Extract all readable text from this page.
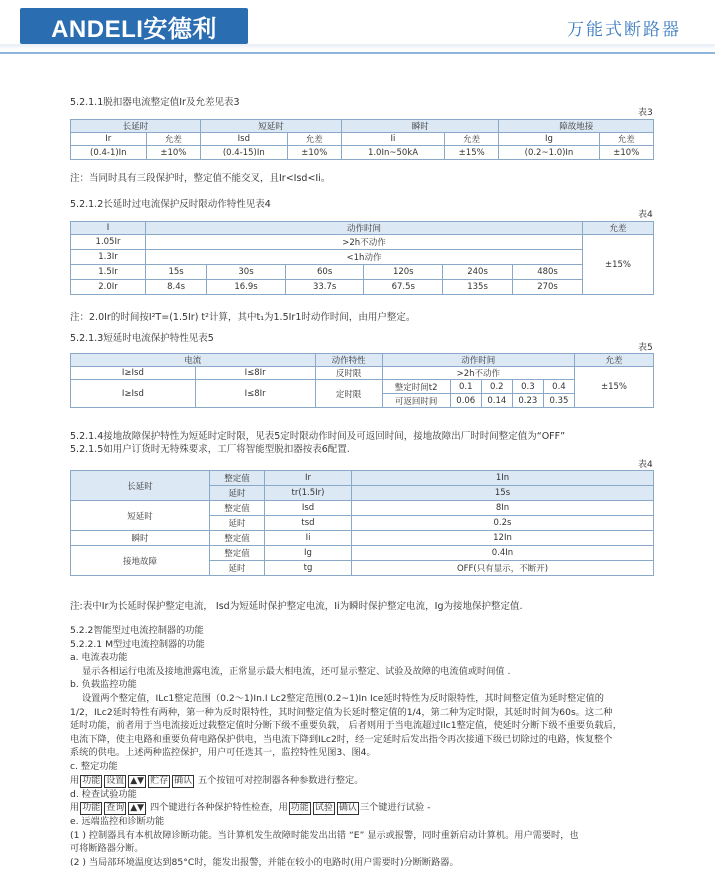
ANDELI安德利	万能式断路器
5.2.1.1脱扣器电流整定值Ir及允差见表3
表3
长延时		短延时		瞬时		障故地接	
Ir	允差	Isd	允差	Ii	允差	Ig	允差
(0.4-1)In	±10%	(0.4-15)In	±10%	1.0In~50kA	±15%	(0.2~1.0)In	±10%
注：当同时具有三段保护时，整定值不能交叉，且Ir<Isd<Ii。
5.2.1.2长延时过电流保护反时限动作特性见表4
表4
I	动作时间						允差
1.05Ir	>2h不动作						±15%
1.3Ir	<1h动作						
1.5Ir	15s	30s	60s	120s	240s	480s	
2.0Ir	8.4s	16.9s	33.7s	67.5s	135s	270s	
注：2.0Ir的时间按I²T=(1.5Ir) t²计算，其中t₁为1.5Ir1时动作时间，由用户整定。
5.2.1.3短延时电流保护特性见表5
表5
电流		动作特性	动作时间					允差
I≥Isd	I≤8Ir	反时限	>2h不动作					±15%
I≥Isd	I≤8Ir	定时限	整定时间t2	0.1	0.2	0.3	0.4	
			可返回时间	0.06	0.14	0.23	0.35	
5.2.1.4接地故障保护特性为短延时定时限，见表5定时限动作时间及可返回时间，接地故障出厂时时间整定值为“OFF”
5.2.1.5如用户订货时无特殊要求，工厂将智能型脱扣器按表6配置.
表4
长延时	整定值	Ir	1In
	延时	tr(1.5Ir)	15s
短延时	整定值	Isd	8In
	延时	tsd	0.2s
瞬时	整定值	Ii	12In
接地故障	整定值	Ig	0.4In
	延时	tg	OFF(只有显示，不断开)
注:表中Ir为长延时保护整定电流， Isd为短延时保护整定电流，Ii为瞬时保护整定电流，Ig为接地保护整定值.
5.2.2智能型过电流控制器的功能
5.2.2.1 M型过电流控制器的功能
a. 电流表功能
显示各相运行电流及接地泄露电流，正常显示最大相电流，还可显示整定、试验及故障的电流值或时间值 .
b. 负载监控功能
设置两个整定值，ILc1整定范围（0.2～1)In.I Lc2整定范围(0.2~1)In Ice延时特性为反时限特性，其时间整定值为延时整定值的
1/2，ILc2延时特性有两种，第一种为反时限特性，其时间整定值为长延时整定值的1/4，第二种为定时限，其延时时间为60s。这二种
延时功能，前者用于当电流接近过载整定值时分断下级不重要负载， 后者则用于当电流超过Ilc1整定值，使延时分断下级不重要负载后，
电流下降，使主电路和重要负荷电路保护供电，当电流下降到ILc2时，经一定延时后发出指令再次接通下级已切除过的电路，恢复整个
系统的供电。上述两种监控保护，用户可任选其一，监控特性见图3、图4。
c. 整定功能
用 功能 设置 ▲▼ 贮存 确认 五个按钮可对控制器各种参数进行整定。
d. 检查试验功能
用 功能 查询 ▲▼ 四个键进行各种保护特性检查，用 功能 试验 确认 三个键进行试验 -
e. 远端监控和诊断功能
(1 ) 控制器具有本机故障诊断功能。当计算机发生故障时能发出出错 “E” 显示或报警，同时重新启动计算机。用户需要时，也
可将断路器分断。
(2 ) 当局部环境温度达到85°C时，能发出报警，并能在较小的电路时(用户需要时)分断断路器。
